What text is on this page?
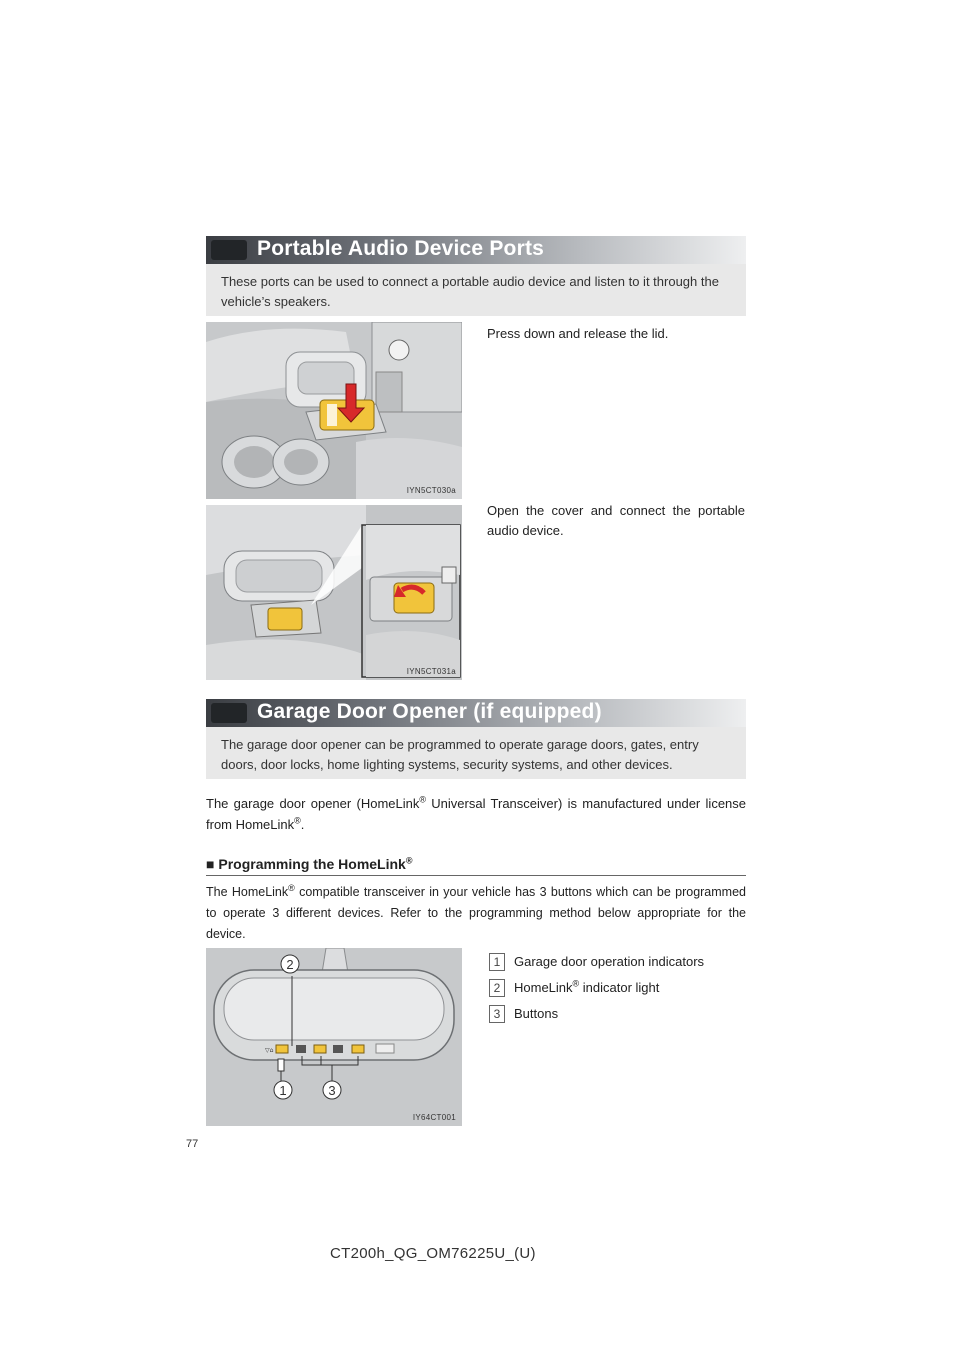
Portable Audio Device Ports
These ports can be used to connect a portable audio device and listen to it through the vehicle’s speakers.
IYN5CT030a
Press down and release the lid.
IYN5CT031a
Open the cover and connect the portable audio device.
Garage Door Opener (if equipped)
The garage door opener can be programmed to operate garage doors, gates, entry doors, door locks, home lighting systems, security systems, and other devices.
The garage door opener (HomeLink® Universal Transceiver) is manufactured under license from HomeLink®.
■ Programming the HomeLink®
The HomeLink® compatible transceiver in your vehicle has 3 buttons which can be programmed to operate 3 different devices. Refer to the programming method below appropriate for the device.
▽⌂
2
1	3
IY64CT001
1	Garage door operation indicators
2	HomeLink® indicator light
3	Buttons
77
CT200h_QG_OM76225U_(U)
